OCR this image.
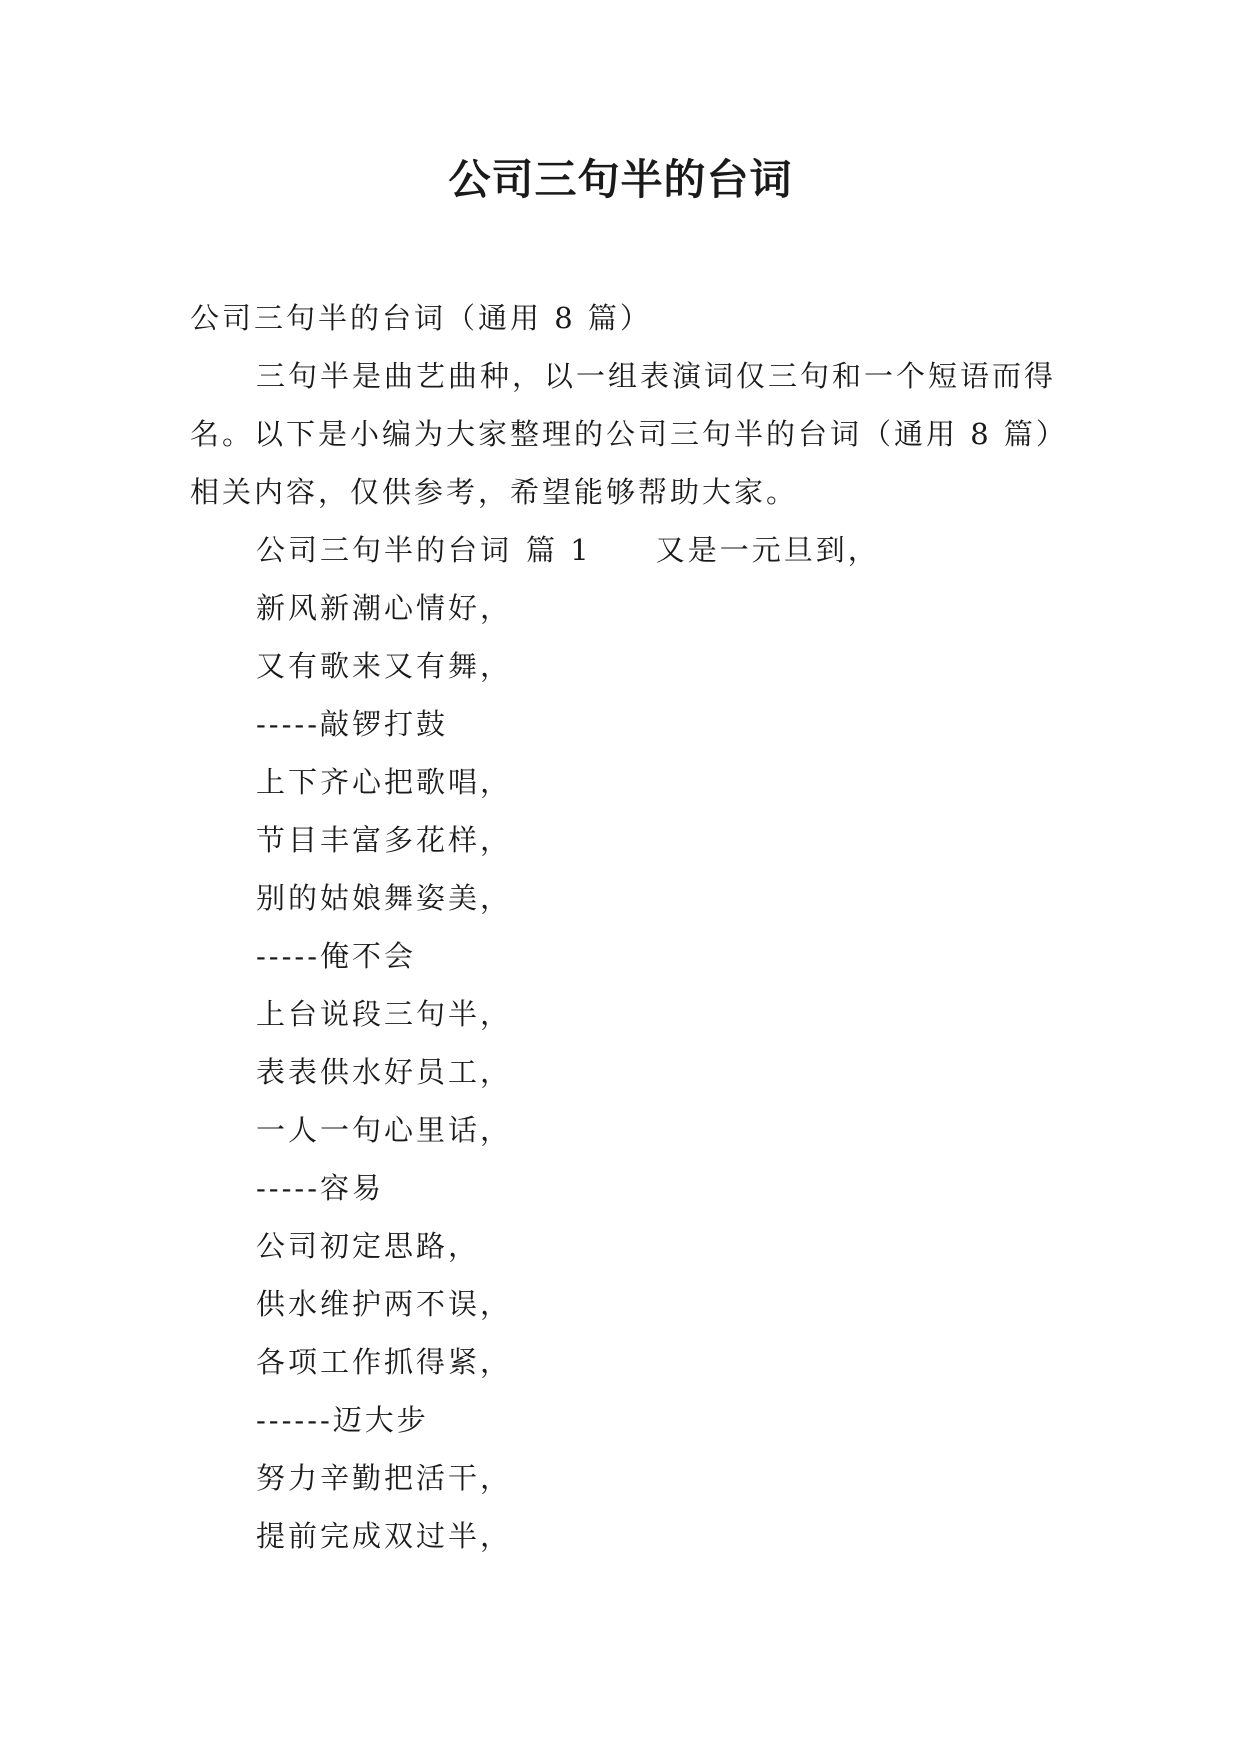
公司三句半的台词

公司三句半的台词（通用 8 篇）

三句半是曲艺曲种，以一组表演词仅三句和一个短语而得名。以下是小编为大家整理的公司三句半的台词（通用 8 篇）相关内容，仅供参考，希望能够帮助大家。

公司三句半的台词 篇 1 又是一元旦到，

新风新潮心情好，

又有歌来又有舞，

-----敲锣打鼓

上下齐心把歌唱，

节目丰富多花样，

别的姑娘舞姿美，

-----俺不会

上台说段三句半，

表表供水好员工，

一人一句心里话，

-----容易

公司初定思路，

供水维护两不误，

各项工作抓得紧，

------迈大步

努力辛勤把活干，

提前完成双过半，
